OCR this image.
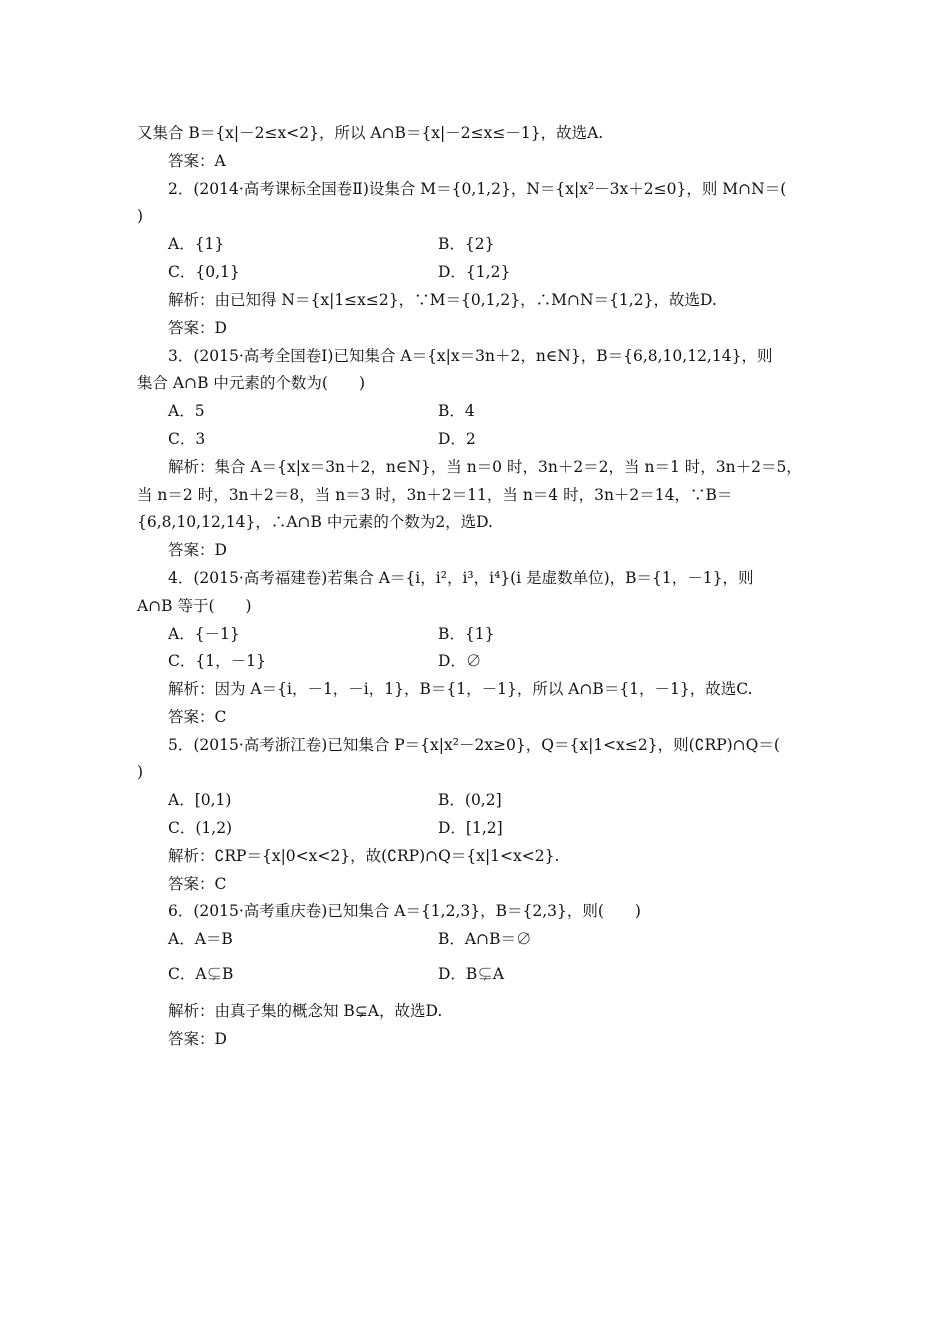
又集合 B＝{x|－2≤x<2}，所以 A∩B＝{x|－2≤x≤－1}，故选A.
答案：A
2．(2014·高考课标全国卷Ⅱ)设集合 M＝{0,1,2}，N＝{x|x²－3x＋2≤0}，则 M∩N＝(
)
A．{1}	B．{2}
C．{0,1}	D．{1,2}
解析：由已知得 N＝{x|1≤x≤2}，∵M＝{0,1,2}，∴M∩N＝{1,2}，故选D.
答案：D
3．(2015·高考全国卷Ⅰ)已知集合 A＝{x|x＝3n＋2，n∈N}，B＝{6,8,10,12,14}，则
集合 A∩B 中元素的个数为(　　)
A．5	B．4
C．3	D．2
解析：集合 A＝{x|x＝3n＋2，n∈N}，当 n＝0 时，3n＋2＝2，当 n＝1 时，3n＋2＝5，
当 n＝2 时，3n＋2＝8，当 n＝3 时，3n＋2＝11，当 n＝4 时，3n＋2＝14，∵B＝
{6,8,10,12,14}，∴A∩B 中元素的个数为2，选D.
答案：D
4．(2015·高考福建卷)若集合 A＝{i，i²，i³，i⁴}(i 是虚数单位)，B＝{1，－1}，则
A∩B 等于(　　)
A．{－1}	B．{1}
C．{1，－1}	D．∅
解析：因为 A＝{i，－1，－i，1}，B＝{1，－1}，所以 A∩B＝{1，－1}，故选C.
答案：C
5．(2015·高考浙江卷)已知集合 P＝{x|x²－2x≥0}，Q＝{x|1<x≤2}，则(∁RP)∩Q＝(
)
A．[0,1)	B．(0,2]
C．(1,2)	D．[1,2]
解析：∁RP＝{x|0<x<2}，故(∁RP)∩Q＝{x|1<x<2}.
答案：C
6．(2015·高考重庆卷)已知集合 A＝{1,2,3}，B＝{2,3}，则(　　)
A．A＝B	B．A∩B＝∅
C．A⊊B	D．B⊊A
解析：由真子集的概念知 B⊊A，故选D.
答案：D
